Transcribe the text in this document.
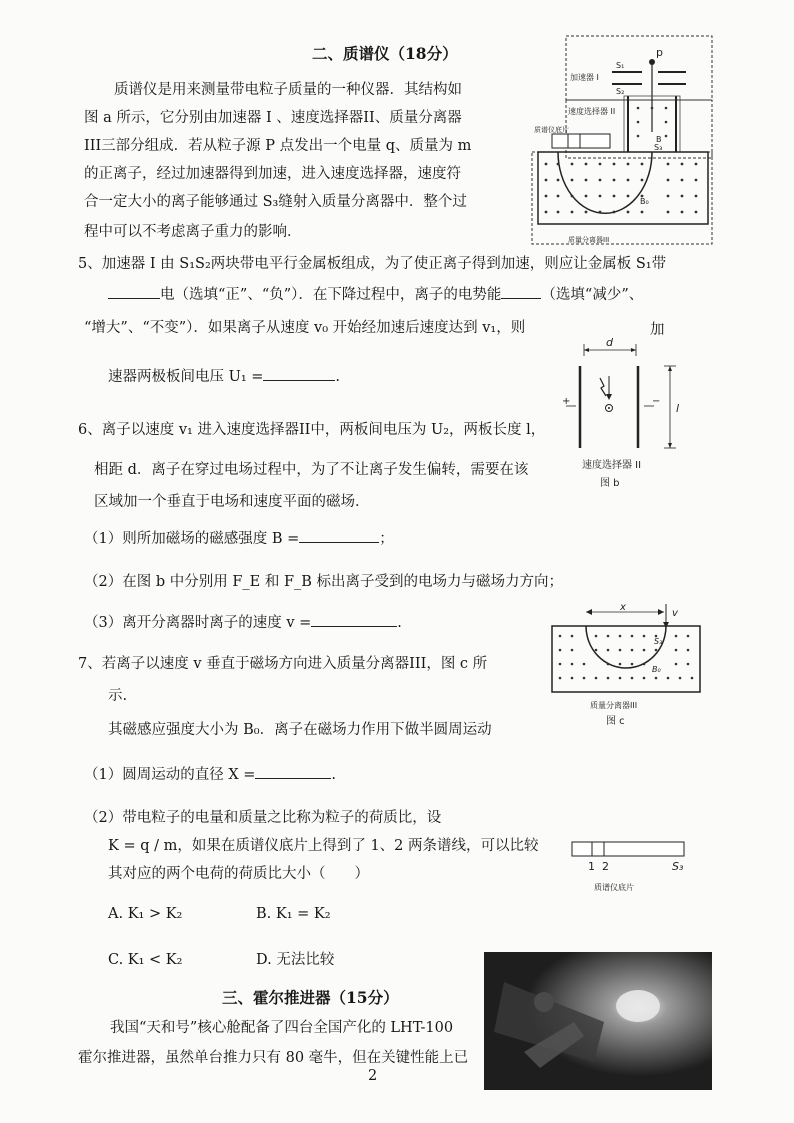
二、质谱仪（18分）
质谱仪是用来测量带电粒子质量的一种仪器．其结构如
图 a 所示，它分别由加速器 I 、速度选择器II、质量分离器
III三部分组成．若从粒子源 P 点发出一个电量 q、质量为 m
的正离子，经过加速器得到加速，进入速度选择器，速度符
合一定大小的离子能够通过 S₃缝射入质量分离器中．整个过
程中可以不考虑离子重力的影响．
加速器 I
S₁
S₂
p
速度选择器 II
质谱仪底片
S₃
B
B₀
质量分离器III
5、加速器 I 由 S₁S₂两块带电平行金属板组成，为了使正离子得到加速，则应让金属板 S₁带
电（选填“正”、“负”）．在下降过程中，离子的电势能	（选填“减少”、
“增大”、“不变”）．如果离子从速度 v₀ 开始经加速后速度达到 v₁，则	加
速器两极板间电压 U₁ =	.
d
l
+	−
速度选择器 II
图 b
6、离子以速度 v₁ 进入速度选择器II中，两板间电压为 U₂，两板长度 l，
相距 d．离子在穿过电场过程中，为了不让离子发生偏转，需要在该
区域加一个垂直于电场和速度平面的磁场．
（1）则所加磁场的磁感强度 B =	；
（2）在图 b 中分别用 F_E 和 F_B 标出离子受到的电场力与磁场力方向；
（3）离开分离器时离子的速度 v =	.
x
v
S₃
B₀
质量分离器III
图 c
7、若离子以速度 v 垂直于磁场方向进入质量分离器III，图 c 所
示.
其磁感应强度大小为 B₀．离子在磁场力作用下做半圆周运动
（1）圆周运动的直径 X =	.
（2）带电粒子的电量和质量之比称为粒子的荷质比，设
K = q / m，如果在质谱仪底片上得到了 1、2 两条谱线，可以比较
其对应的两个电荷的荷质比大小（　　）
A. K₁ > K₂	B. K₁ = K₂
C. K₁ < K₂	D. 无法比较
1 2	S₃
质谱仪底片
三、霍尔推进器（15分）
我国“天和号”核心舱配备了四台全国产化的 LHT-100
霍尔推进器，虽然单台推力只有 80 毫牛，但在关键性能上已
2
